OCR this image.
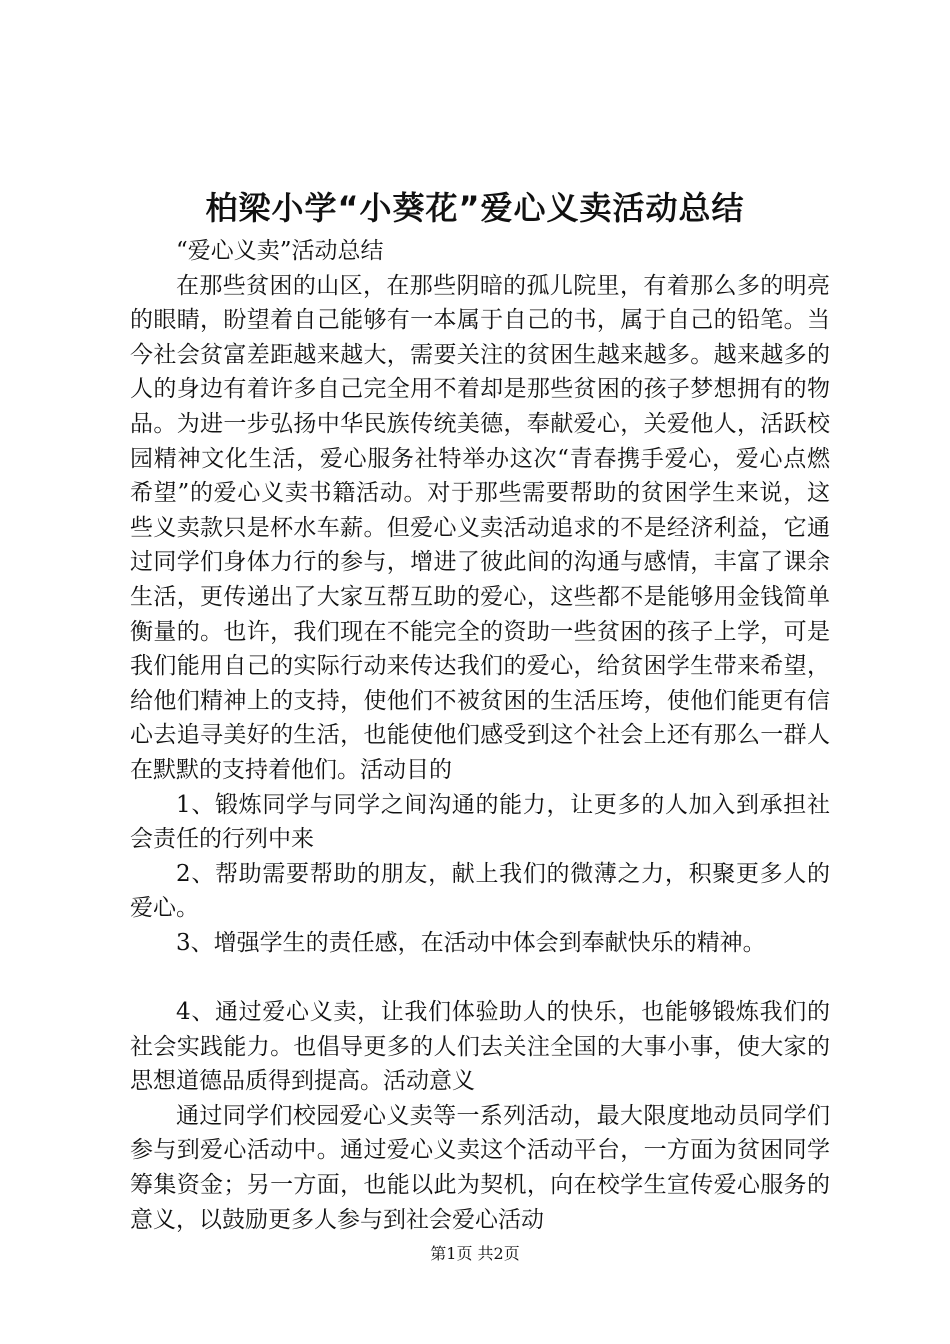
柏梁小学“小葵花”爱心义卖活动总结

“爱心义卖”活动总结

在那些贫困的山区，在那些阴暗的孤儿院里，有着那么多的明亮的眼睛，盼望着自己能够有一本属于自己的书，属于自己的铅笔。当今社会贫富差距越来越大，需要关注的贫困生越来越多。越来越多的人的身边有着许多自己完全用不着却是那些贫困的孩子梦想拥有的物品。为进一步弘扬中华民族传统美德，奉献爱心，关爱他人，活跃校园精神文化生活，爱心服务社特举办这次“青春携手爱心，爱心点燃希望”的爱心义卖书籍活动。对于那些需要帮助的贫困学生来说，这些义卖款只是杯水车薪。但爱心义卖活动追求的不是经济利益，它通过同学们身体力行的参与，增进了彼此间的沟通与感情，丰富了课余生活，更传递出了大家互帮互助的爱心，这些都不是能够用金钱简单衡量的。也许，我们现在不能完全的资助一些贫困的孩子上学，可是我们能用自己的实际行动来传达我们的爱心，给贫困学生带来希望，给他们精神上的支持，使他们不被贫困的生活压垮，使他们能更有信心去追寻美好的生活，也能使他们感受到这个社会上还有那么一群人在默默的支持着他们。活动目的

1、锻炼同学与同学之间沟通的能力，让更多的人加入到承担社会责任的行列中来

2、帮助需要帮助的朋友，献上我们的微薄之力，积聚更多人的爱心。

3、增强学生的责任感，在活动中体会到奉献快乐的精神。

4、通过爱心义卖，让我们体验助人的快乐，也能够锻炼我们的社会实践能力。也倡导更多的人们去关注全国的大事小事，使大家的思想道德品质得到提高。活动意义

通过同学们校园爱心义卖等一系列活动，最大限度地动员同学们参与到爱心活动中。通过爱心义卖这个活动平台，一方面为贫困同学筹集资金；另一方面，也能以此为契机，向在校学生宣传爱心服务的意义，以鼓励更多人参与到社会爱心活动

第1页 共2页
